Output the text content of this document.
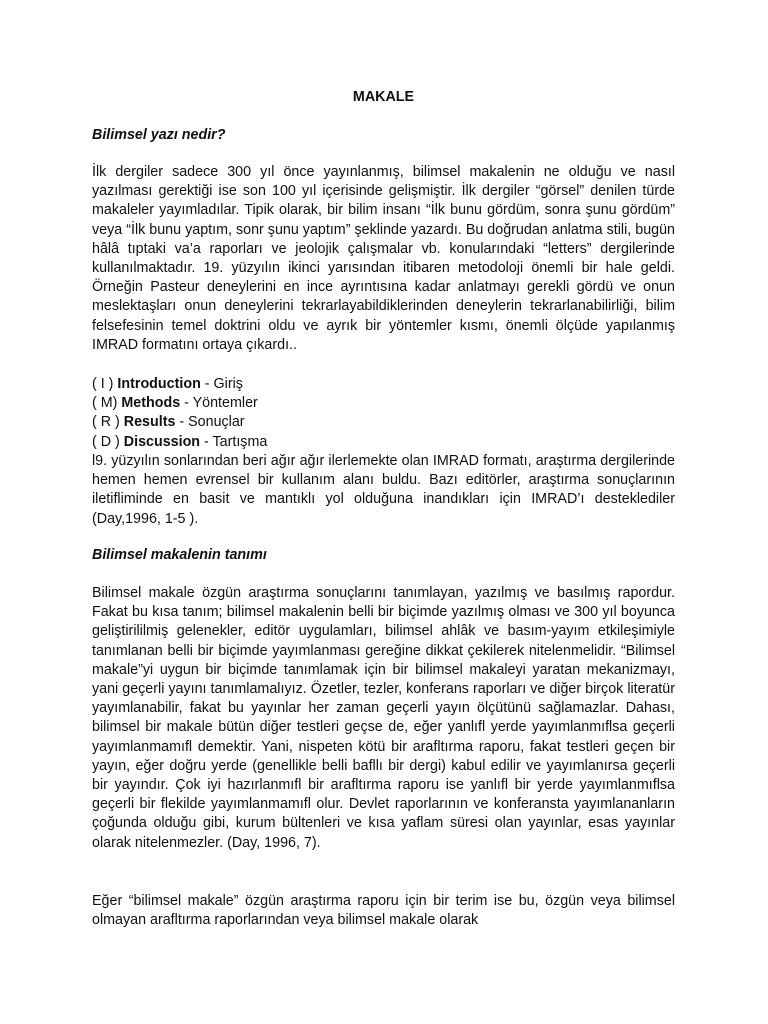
MAKALE
Bilimsel yazı nedir?
İlk dergiler sadece 300 yıl önce yayınlanmış, bilimsel makalenin ne olduğu ve nasıl yazılması gerektiği ise son 100 yıl içerisinde gelişmiştir. İlk dergiler “görsel” denilen türde makaleler yayımladılar. Tipik olarak, bir bilim insanı “İlk bunu gördüm, sonra şunu gördüm” veya “İlk bunu yaptım, sonr şunu yaptım” şeklinde yazardı. Bu doğrudan anlatma stili, bugün hâlâ tıptaki va’a raporları ve jeolojik çalışmalar vb. konularındaki “letters” dergilerinde kullanılmaktadır. 19. yüzyılın ikinci yarısından itibaren metodoloji önemli bir hale geldi. Örneğin Pasteur deneylerini en ince ayrıntısına kadar anlatmayı gerekli gördü ve onun meslektaşları onun deneylerini tekrarlayabildiklerinden deneylerin tekrarlanabilirliği, bilim felsefesinin temel doktrini oldu ve ayrık bir yöntemler kısmı, önemli ölçüde yapılanmış IMRAD formatını ortaya çıkardı..
( I ) Introduction - Giriş
( M) Methods - Yöntemler
( R ) Results - Sonuçlar
( D ) Discussion - Tartışma
l9. yüzyılın sonlarından beri ağır ağır ilerlemekte olan IMRAD formatı, araştırma dergilerinde hemen hemen evrensel bir kullanım alanı buldu. Bazı editörler, araştırma sonuçlarının iletifliminde en basit ve mantıklı yol olduğuna inandıkları için IMRAD’ı desteklediler (Day,1996, 1-5 ).
Bilimsel makalenin tanımı
Bilimsel makale özgün araştırma sonuçlarını tanımlayan, yazılmış ve basılmış rapordur. Fakat bu kısa tanım; bilimsel makalenin belli bir biçimde yazılmış olması ve 300 yıl boyunca geliştirililmiş gelenekler, editör uygulamları, bilimsel ahlâk ve basım-yayım etkileşimiyle tanımlanan belli bir biçimde yayımlanması gereğine dikkat çekilerek nitelenmelidir. “Bilimsel makale”yi uygun bir biçimde tanımlamak için bir bilimsel makaleyi yaratan mekanizmayı, yani geçerli yayını tanımlamalıyız. Özetler, tezler, konferans raporları ve diğer birçok literatür yayımlanabilir, fakat bu yayınlar her zaman geçerli yayın ölçütünü sağlamazlar. Dahası, bilimsel bir makale bütün diğer testleri geçse de, eğer yanlıfl yerde yayımlanmıflsa geçerli yayımlanmamıfl demektir. Yani, nispeten kötü bir arafltırma raporu, fakat testleri geçen bir yayın, eğer doğru yerde (genellikle belli bafllı bir dergi) kabul edilir ve yayımlanırsa geçerli bir yayındır. Çok iyi hazırlanmıfl bir arafltırma raporu ise yanlıfl bir yerde yayımlanmıflsa geçerli bir flekilde yayımlanmamıfl olur. Devlet raporlarının ve konferansta yayımlananların çoğunda olduğu gibi, kurum bültenleri ve kısa yaflam süresi olan yayınlar, esas yayınlar olarak nitelenmezler. (Day, 1996, 7).
Eğer “bilimsel makale” özgün araştırma raporu için bir terim ise bu, özgün veya bilimsel olmayan arafltırma raporlarından veya bilimsel makale olarak
